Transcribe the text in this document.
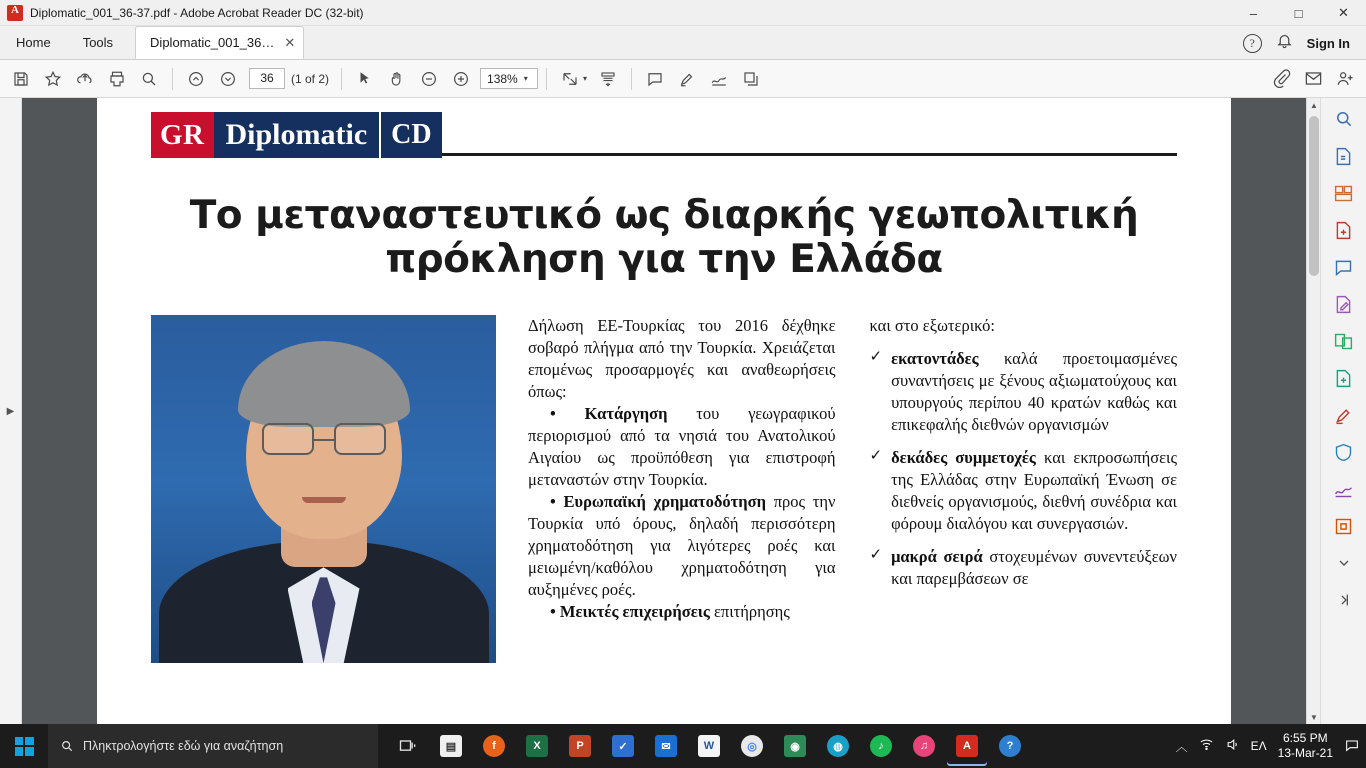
A
Diplomatic_001_36-37.pdf - Adobe Acrobat Reader DC (32-bit)	–	□	✕
Home	Tools	Diplomatic_001_36… ✕	?	Sign In
36	(1 of 2)	138% ▾	▾
▶
GR Diplomatic CD
Το μεταναστευτικό ως διαρκής γεωπολιτική
πρόκληση για την Ελλάδα

Δήλωση ΕΕ-Τουρκίας του 2016 δέχθηκε σοβαρό πλήγμα από την Τουρκία. Χρειάζεται επομένως προσαρμογές και αναθεωρήσεις όπως:

• Κατάργηση του γεωγραφικού περιορισμού από τα νησιά του Ανατολικού Αιγαίου ως προϋπόθεση για επιστροφή μεταναστών στην Τουρκία.

• Ευρωπαϊκή χρηματοδότηση προς την Τουρκία υπό όρους, δηλαδή περισσότερη χρηματοδότηση για λιγότερες ροές και μειωμένη/καθόλου χρηματοδότηση για αυξημένες ροές.

• Μεικτές επιχειρήσεις επιτήρησης

και στο εξωτερικό:

✓ εκατοντάδες καλά προετοιμασμένες συναντήσεις με ξένους αξιωματούχους και υπουργούς περίπου 40 κρατών καθώς και επικεφαλής διεθνών οργανισμών
✓ δεκάδες συμμετοχές και εκπροσωπήσεις της Ελλάδας στην Ευρωπαϊκή Ένωση σε διεθνείς οργανισμούς, διεθνή συνέδρια και φόρουμ διαλόγου και συνεργασιών.
✓ μακρά σειρά στοχευμένων συνεντεύξεων και παρεμβάσεων σε
▲
▼
Πληκτρολογήστε εδώ για αναζήτηση	▤	f	X	P	✓	✉	W	◎	◉	◍	♪	♫	A	?	︿	ΕΛ
6:55 PM
13-Mar-21
